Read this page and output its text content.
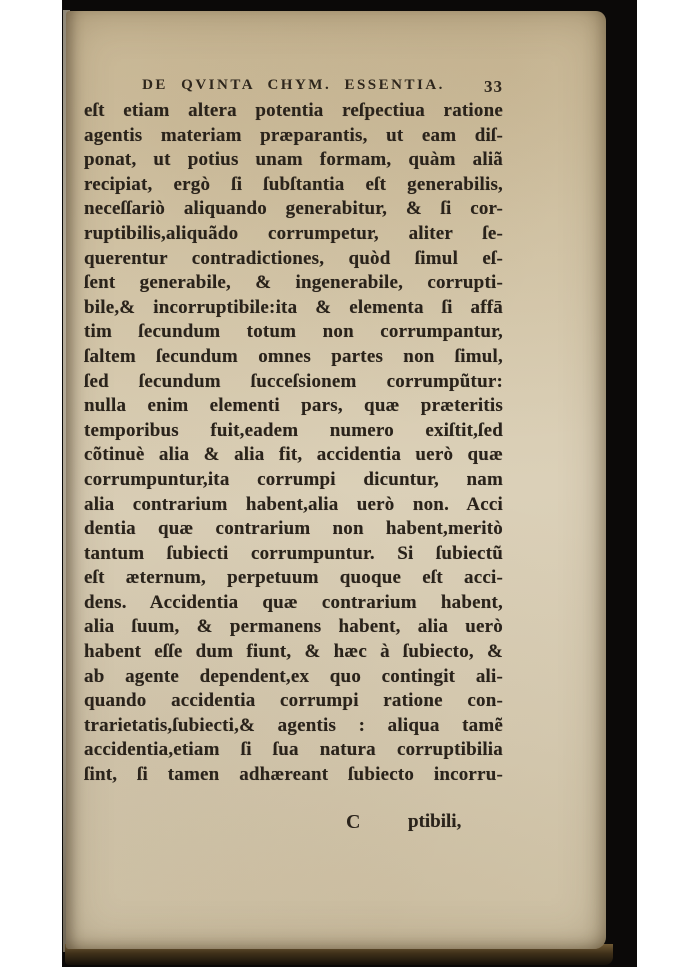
DE QVINTA CHYM. ESSENTIA. 33
eſt etiam altera potentia reſpectiua ratione
agentis materiam præparantis, ut eam diſ-
ponat, ut potius unam formam, quàm aliã
recipiat, ergò ſi ſubſtantia eſt generabilis,
neceſſariò aliquando generabitur, & ſi cor-
ruptibilis,aliquãdo corrumpetur, aliter ſe-
querentur contradictiones, quòd ſimul eſ-
ſent generabile, & ingenerabile, corrupti-
bile,& incorruptibile:ita & elementa ſi affā
tim ſecundum totum non corrumpantur,
ſaltem ſecundum omnes partes non ſimul,
ſed ſecundum ſucceſsionem corrumpũtur:
nulla enim elementi pars, quæ præteritis
temporibus fuit,eadem numero exiſtit,ſed
cõtinuè alia & alia fit, accidentia uerò quæ
corrumpuntur,ita corrumpi dicuntur, nam
alia contrarium habent,alia uerò non. Acci
dentia quæ contrarium non habent,meritò
tantum ſubiecti corrumpuntur. Si ſubiectũ
eſt æternum, perpetuum quoque eſt acci-
dens. Accidentia quæ contrarium habent,
alia ſuum, & permanens habent, alia uerò
habent eſſe dum fiunt, & hæc à ſubiecto, &
ab agente dependent,ex quo contingit ali-
quando accidentia corrumpi ratione con-
trarietatis,ſubiecti,& agentis : aliqua tamẽ
accidentia,etiam ſi ſua natura corruptibilia
ſint, ſi tamen adhæreant ſubiecto incorru-
C	ptibili,
